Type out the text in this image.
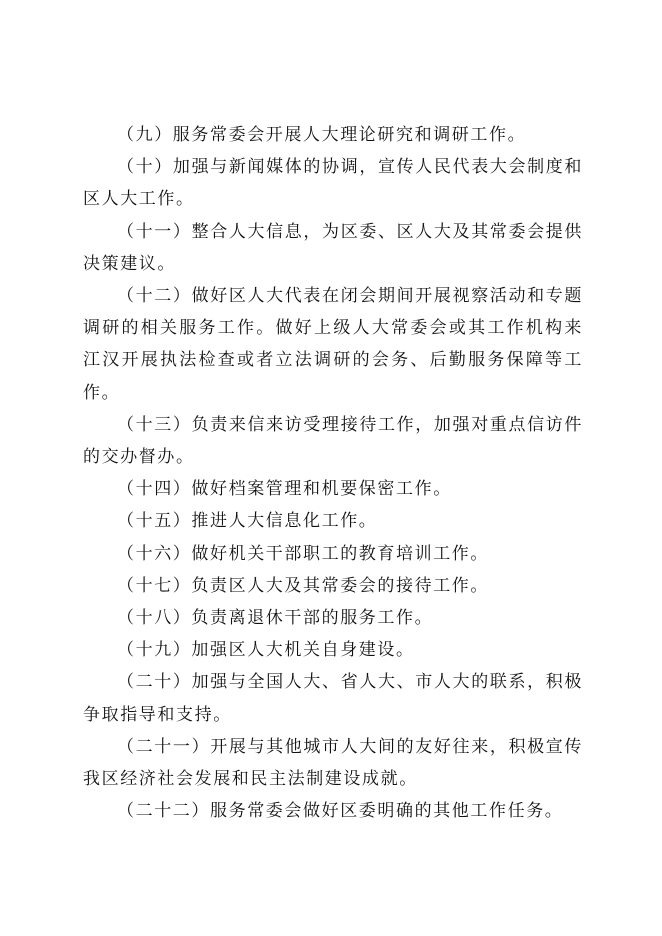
（九）服务常委会开展人大理论研究和调研工作。

（十）加强与新闻媒体的协调，宣传人民代表大会制度和区人大工作。

（十一）整合人大信息，为区委、区人大及其常委会提供决策建议。

（十二）做好区人大代表在闭会期间开展视察活动和专题调研的相关服务工作。做好上级人大常委会或其工作机构来江汉开展执法检查或者立法调研的会务、后勤服务保障等工作。

（十三）负责来信来访受理接待工作，加强对重点信访件的交办督办。

（十四）做好档案管理和机要保密工作。

（十五）推进人大信息化工作。

（十六）做好机关干部职工的教育培训工作。

（十七）负责区人大及其常委会的接待工作。

（十八）负责离退休干部的服务工作。

（十九）加强区人大机关自身建设。

（二十）加强与全国人大、省人大、市人大的联系，积极争取指导和支持。

（二十一）开展与其他城市人大间的友好往来，积极宣传我区经济社会发展和民主法制建设成就。

（二十二）服务常委会做好区委明确的其他工作任务。
